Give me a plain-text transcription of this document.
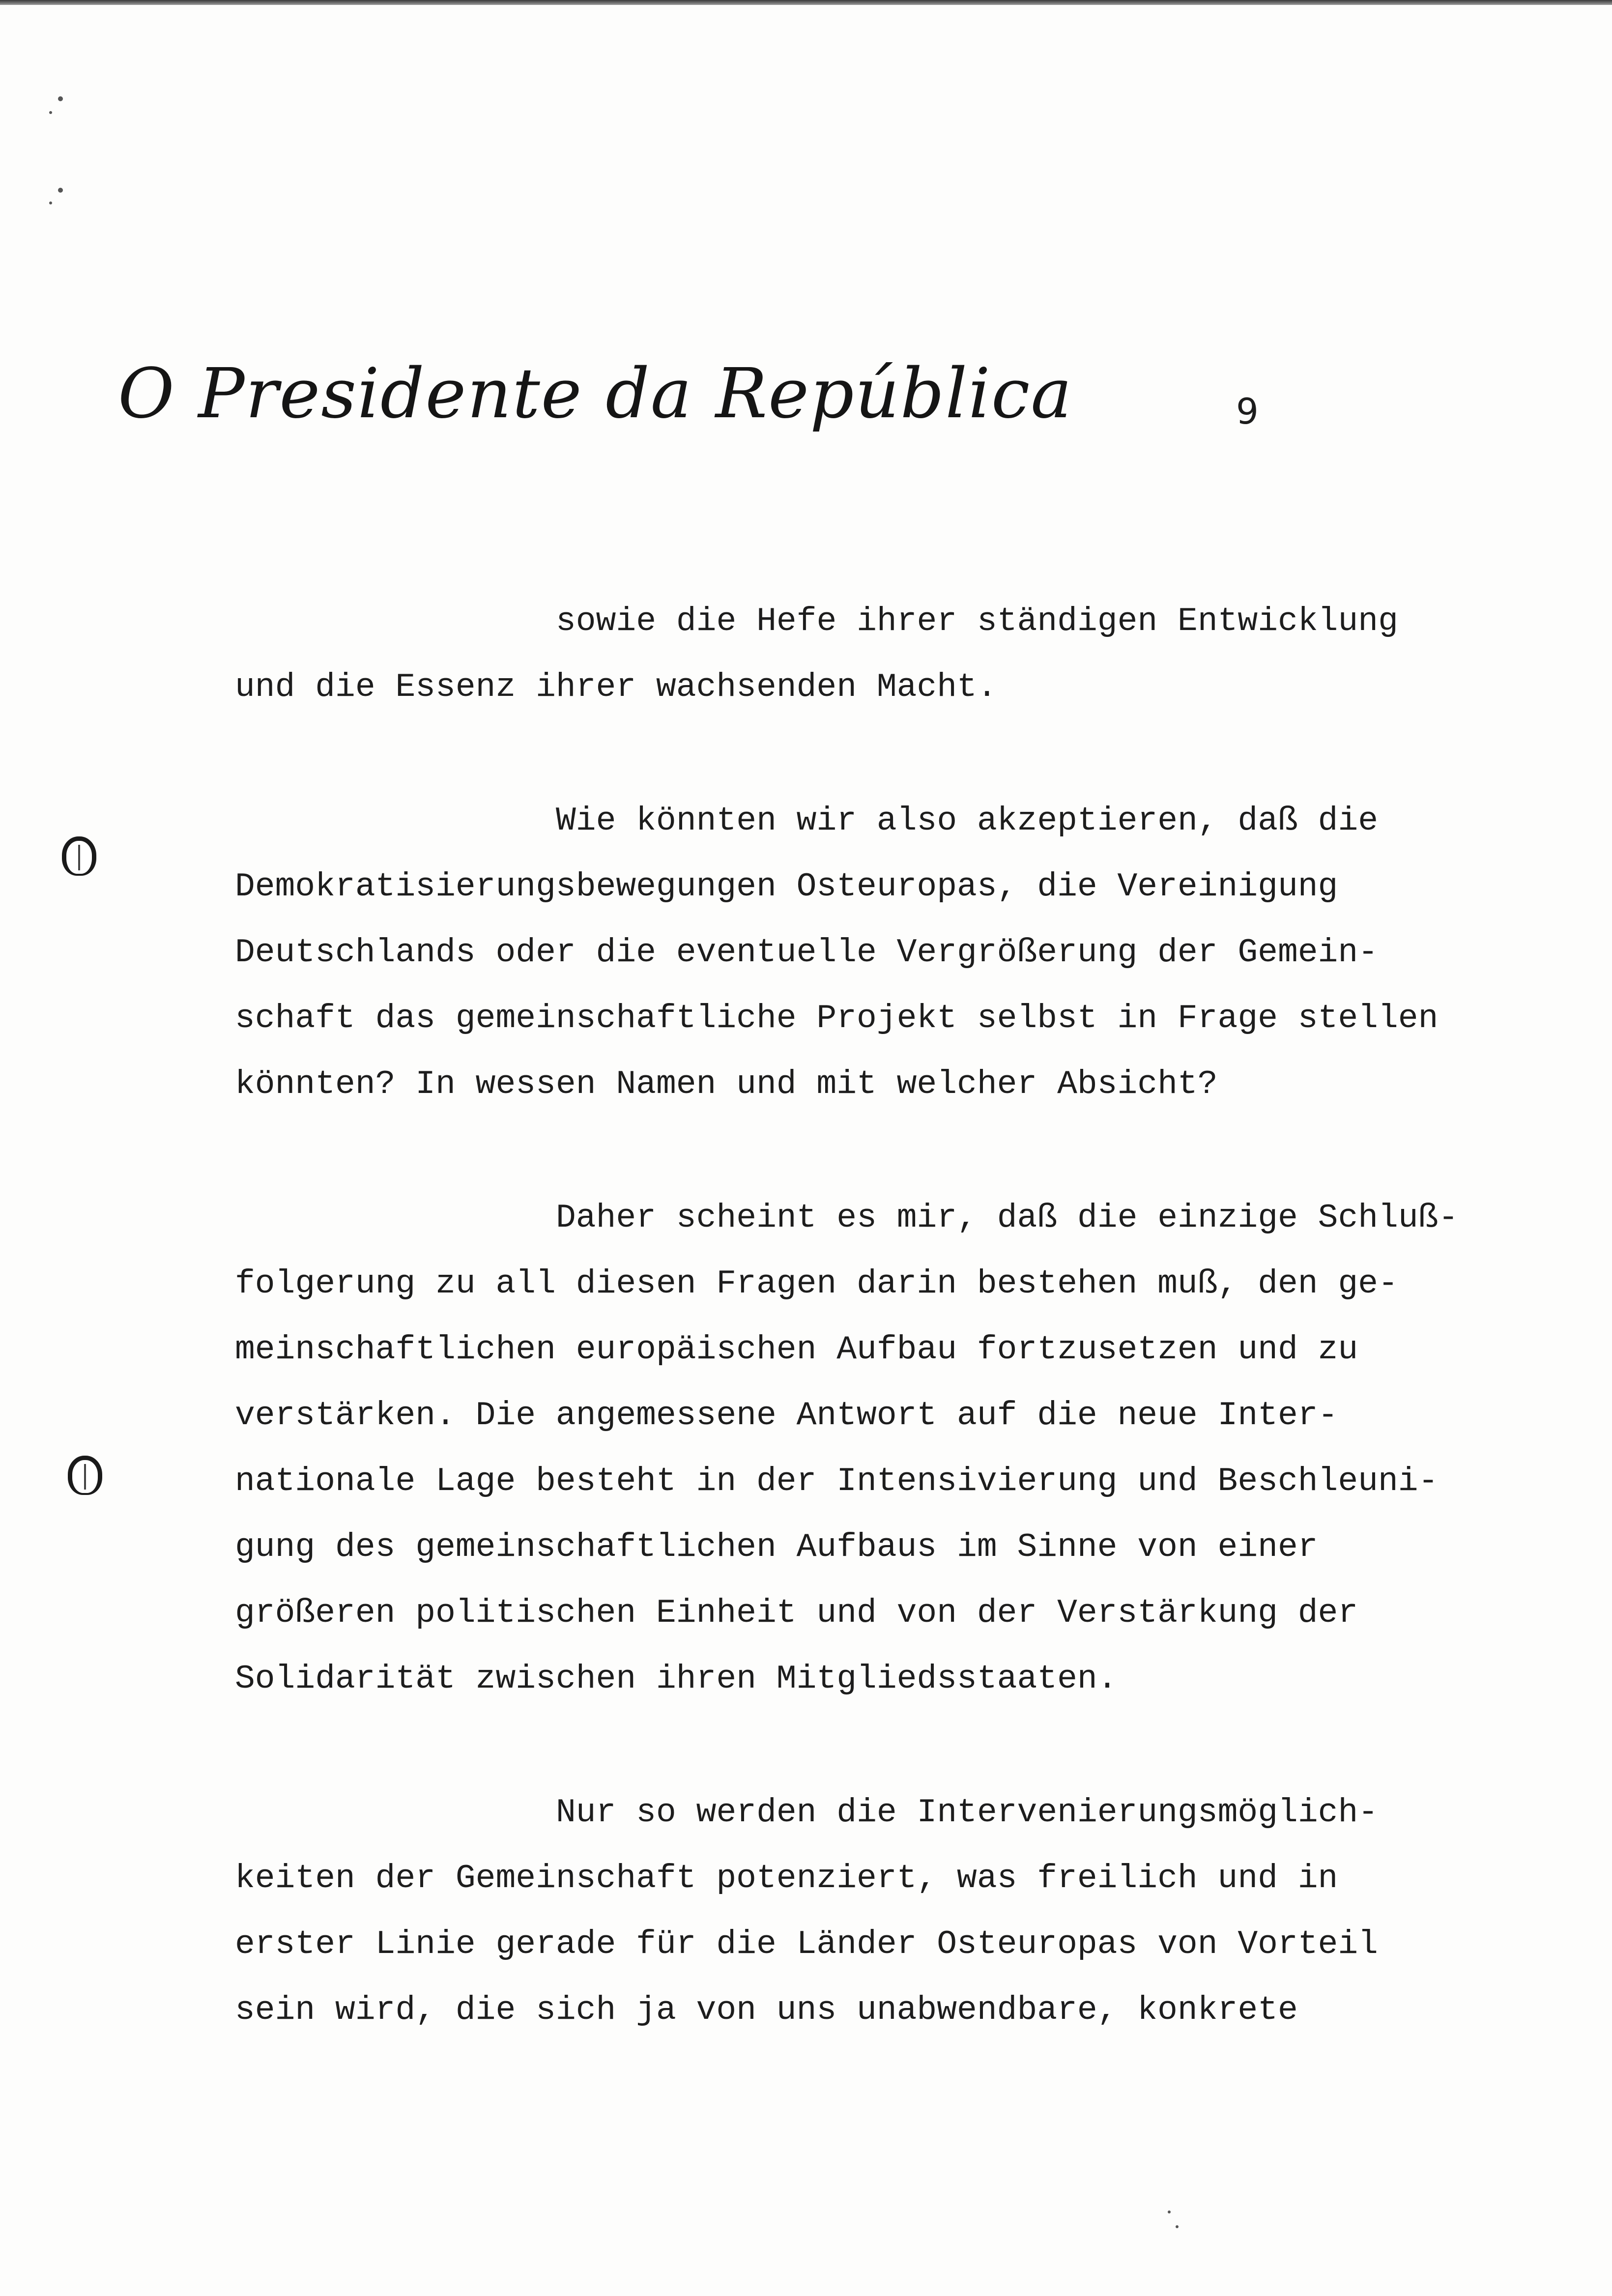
O Presidente da República	9
sowie die Hefe ihrer ständigen Entwicklung
und die Essenz ihrer wachsenden Macht.
Wie könnten wir also akzeptieren, daß die
Demokratisierungsbewegungen Osteuropas, die Vereinigung
Deutschlands oder die eventuelle Vergrößerung der Gemein-
schaft das gemeinschaftliche Projekt selbst in Frage stellen
könnten? In wessen Namen und mit welcher Absicht?
Daher scheint es mir, daß die einzige Schluß-
folgerung zu all diesen Fragen darin bestehen muß, den ge-
meinschaftlichen europäischen Aufbau fortzusetzen und zu
verstärken. Die angemessene Antwort auf die neue Inter-
nationale Lage besteht in der Intensivierung und Beschleuni-
gung des gemeinschaftlichen Aufbaus im Sinne von einer
größeren politischen Einheit und von der Verstärkung der
Solidarität zwischen ihren Mitgliedsstaaten.
Nur so werden die Intervenierungsmöglich-
keiten der Gemeinschaft potenziert, was freilich und in
erster Linie gerade für die Länder Osteuropas von Vorteil
sein wird, die sich ja von uns unabwendbare, konkrete
